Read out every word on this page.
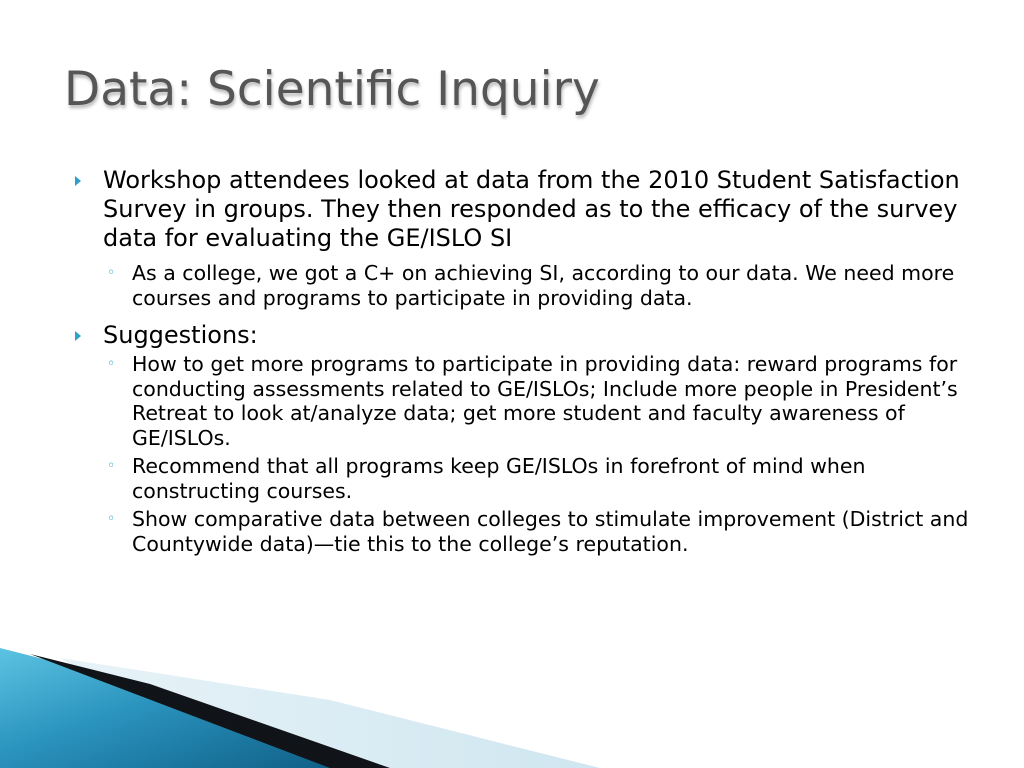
Data: Scientific Inquiry
Workshop attendees looked at data from the 2010 Student Satisfaction Survey in groups. They then responded as to the efficacy of the survey data for evaluating the GE/ISLO SI
◦ As a college, we got a C+ on achieving SI, according to our data. We need more courses and programs to participate in providing data.
Suggestions:
◦ How to get more programs to participate in providing data: reward programs for conducting assessments related to GE/ISLOs; Include more people in President’s Retreat to look at/analyze data; get more student and faculty awareness of GE/ISLOs.
◦ Recommend that all programs keep GE/ISLOs in forefront of mind when constructing courses.
◦ Show comparative data between colleges to stimulate improvement (District and Countywide data)—tie this to the college’s reputation.
